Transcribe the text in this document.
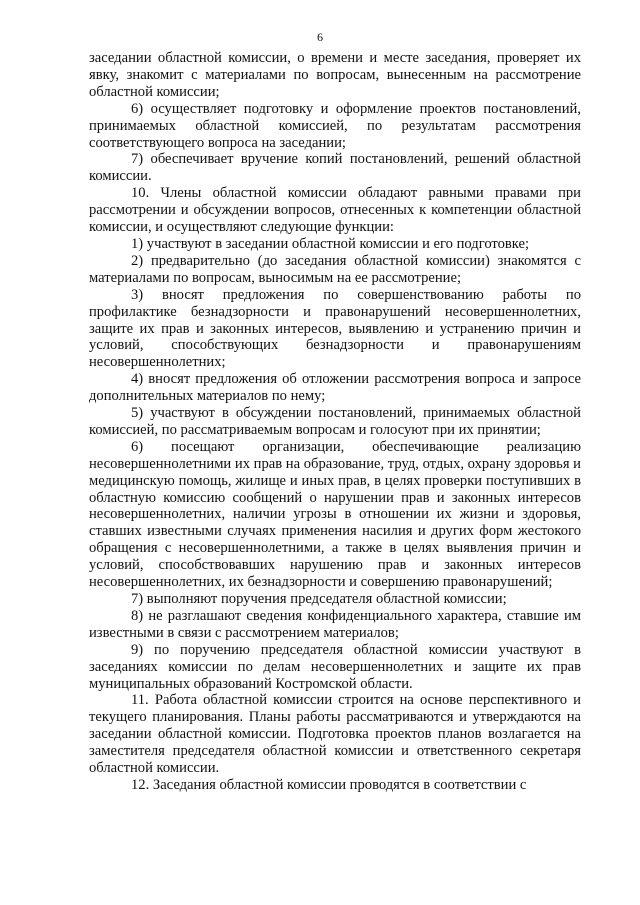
6

заседании областной комиссии, о времени и месте заседания, проверяет их явку, знакомит с материалами по вопросам, вынесенным на рассмотрение областной комиссии;

6) осуществляет подготовку и оформление проектов постановлений, принимаемых областной комиссией, по результатам рассмотрения соответствующего вопроса на заседании;

7) обеспечивает вручение копий постановлений, решений областной комиссии.

10. Члены областной комиссии обладают равными правами при рассмотрении и обсуждении вопросов, отнесенных к компетенции областной комиссии, и осуществляют следующие функции:

1) участвуют в заседании областной комиссии и его подготовке;

2) предварительно (до заседания областной комиссии) знакомятся с материалами по вопросам, выносимым на ее рассмотрение;

3) вносят предложения по совершенствованию работы по профилактике безнадзорности и правонарушений несовершеннолетних, защите их прав и законных интересов, выявлению и устранению причин и условий, способствующих безнадзорности и правонарушениям несовершеннолетних;

4) вносят предложения об отложении рассмотрения вопроса и запросе дополнительных материалов по нему;

5) участвуют в обсуждении постановлений, принимаемых областной комиссией, по рассматриваемым вопросам и голосуют при их принятии;

6) посещают организации, обеспечивающие реализацию несовершеннолетними их прав на образование, труд, отдых, охрану здоровья и медицинскую помощь, жилище и иных прав, в целях проверки поступивших в областную комиссию сообщений о нарушении прав и законных интересов несовершеннолетних, наличии угрозы в отношении их жизни и здоровья, ставших известными случаях применения насилия и других форм жестокого обращения с несовершеннолетними, а также в целях выявления причин и условий, способствовавших нарушению прав и законных интересов несовершеннолетних, их безнадзорности и совершению правонарушений;

7) выполняют поручения председателя областной комиссии;

8) не разглашают сведения конфиденциального характера, ставшие им известными в связи с рассмотрением материалов;

9) по поручению председателя областной комиссии участвуют в заседаниях комиссии по делам несовершеннолетних и защите их прав муниципальных образований Костромской области.

11. Работа областной комиссии строится на основе перспективного и текущего планирования. Планы работы рассматриваются и утверждаются на заседании областной комиссии. Подготовка проектов планов возлагается на заместителя председателя областной комиссии и ответственного секретаря областной комиссии.

12. Заседания областной комиссии проводятся в соответствии с
